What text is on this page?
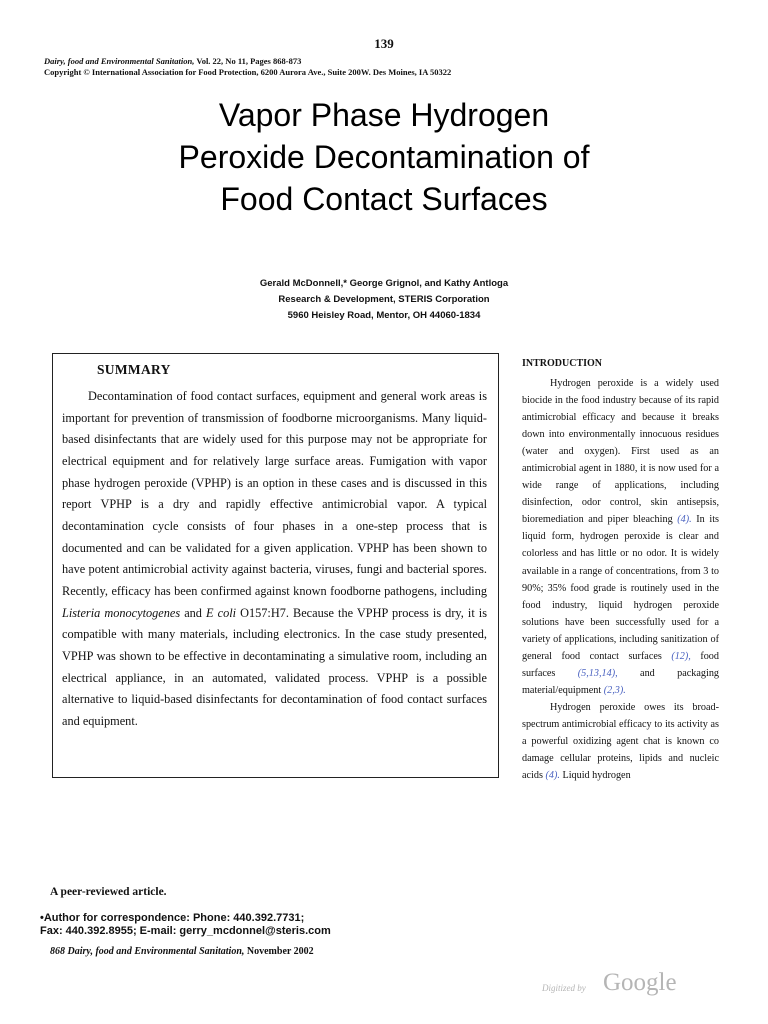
139
Dairy, food and Environmental Sanitation, Vol. 22, No 11, Pages 868-873
Copyright © International Association for Food Protection, 6200 Aurora Ave., Suite 200W. Des Moines, IA 50322
Vapor Phase Hydrogen
Peroxide Decontamination of
Food Contact Surfaces
Gerald McDonnell,* George Grignol, and Kathy Antloga
Research & Development, STERIS Corporation
5960 Heisley Road, Mentor, OH 44060-1834
SUMMARY

Decontamination of food contact surfaces, equipment and general work areas is important for prevention of transmission of foodborne microorganisms. Many liquid-based disinfectants that are widely used for this purpose may not be appropriate for electrical equipment and for relatively large surface areas. Fumigation with vapor phase hydrogen peroxide (VPHP) is an option in these cases and is discussed in this report VPHP is a dry and rapidly effective antimicrobial vapor. A typical decontamination cycle consists of four phases in a one-step process that is documented and can be validated for a given application. VPHP has been shown to have potent antimicrobial activity against bacteria, viruses, fungi and bacterial spores. Recently, efficacy has been confirmed against known foodborne pathogens, including Listeria monocytogenes and E coli O157:H7. Because the VPHP process is dry, it is compatible with many materials, including electronics. In the case study presented, VPHP was shown to be effective in decontaminating a simulative room, including an electrical appliance, in an automated, validated process. VPHP is a possible alternative to liquid-based disinfectants for decontamination of food contact surfaces and equipment.

INTRODUCTION

Hydrogen peroxide is a widely used biocide in the food industry because of its rapid antimicrobial efficacy and because it breaks down into environmentally innocuous residues (water and oxygen). First used as an antimicrobial agent in 1880, it is now used for a wide range of applications, including disinfection, odor control, skin antisepsis, bioremediation and piper bleaching (4). In its liquid form, hydrogen peroxide is clear and colorless and has little or no odor. It is widely available in a range of concentrations, from 3 to 90%; 35% food grade is routinely used in the food industry, liquid hydrogen peroxide solutions have been successfully used for a variety of applications, including sanitization of general food contact surfaces (12), food surfaces (5,13,14), and packaging material/equipment (2,3).

Hydrogen peroxide owes its broad-spectrum antimicrobial efficacy to its activity as a powerful oxidizing agent chat is known co damage cellular proteins, lipids and nucleic acids (4). Liquid hydrogen

A peer-reviewed article.
•Author for correspondence: Phone: 440.392.7731;
Fax: 440.392.8955; E-mail: gerry_mcdonnel@steris.com
868 Dairy, food and Environmental Sanitation, November 2002
Digitized by Google
